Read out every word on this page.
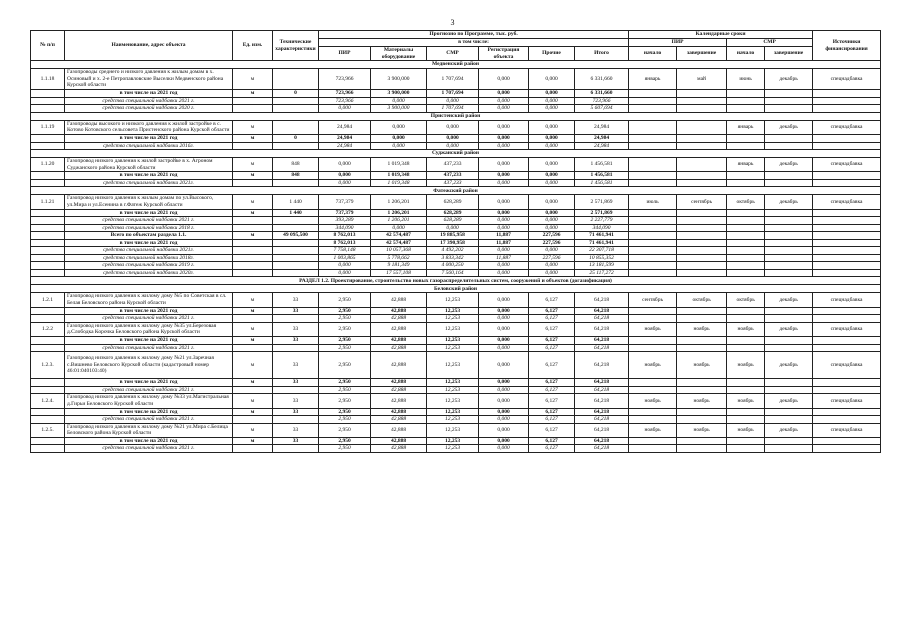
3
№ п/п	Наименование, адрес объекта	Ед. изм.	Технические характеристики	Прогнозно по Программе, тыс. руб.						Календарные сроки				Источники финансирования
				в том числе:						ПИР		СМР		
				ПИР	Материалы оборудование	СМР	Регистрация объекта	Прочие	Итого	начало	завершение	начало	завершение	
Медвенский район														
1.1.18	Газопроводы среднего и низкого давления к жилым домам в х. Осиновый и х. 2-е Петропавловские Выселки Медвенского района Курской области	м		723,966	3 900,000	1 707,694	0,000	0,000	6 331,660	январь	май	июнь	декабрь	спецнадбавка
	в том числе на 2021 год	м	0	723,966	3 900,000	1 707,694	0,000	0,000	6 331,660					
	средства специальной надбавки 2021 г.			723,966	0,000	0,000	0,000	0,000	723,966					
	средства специальной надбавки 2020 г.			0,000	3 900,000	1 707,694	0,000	0,000	5 607,694					
Пристенский район														
1.1.19	Газопроводы высокого и низкого давления к жилой застройке в с. Котово Котовского сельсовета Пристенского района Курской области	м		24,984	0,000	0,000	0,000	0,000	24,984			январь	декабрь	спецнадбавка
	в том числе на 2021 год	м	0	24,984	0,000	0,000	0,000	0,000	24,984					
	средства специальной надбавки 2016г.			24,984	0,000	0,000	0,000	0,000	24,984					
Суджанский район														
1.1.20	Газопровод низкого давления к жилой застройке в х. Агроном Суджанского района Курской области	м	848	0,000	1 019,348	437,233	0,000	0,000	1 456,581			январь	декабрь	спецнадбавка
	в том числе на 2021 год	м	848	0,000	1 019,348	437,233	0,000	0,000	1 456,581					
	средства специальной надбавки 2021г.			0,000	1 019,348	437,233	0,000	0,000	1 456,581					
Фатежский район														
1.1.21	Газопровод низкого давления к жилым домам по ул.Высокого, ул.Мира и ул.Есенина в г.Фатеж Курской области	м	1 440	737,379	1 206,201	628,289	0,000	0,000	2 571,869	июль	сентябрь	октябрь	декабрь	спецнадбавка
	в том числе на 2021 год	м	1 440	737,379	1 206,201	628,289	0,000	0,000	2 571,869					
	средства специальной надбавки 2021 г.			393,289	1 206,201	628,289	0,000	0,000	2 227,779					
	средства специальной надбавки 2018 г.			344,090	0,000	0,000	0,000	0,000	344,090					
	Всего по объектам раздела 1.1.	м	49 095,500	8 762,013	42 574,487	19 885,958	11,887	227,596	71 461,941					
	в том числе на 2021 год			8 762,013	42 574,487	17 390,958	11,887	227,596	71 461,941					
	средства специальной надбавки 2021г.			7 758,148	10 057,368	4 492,202	0,000	0,000	22 307,718					
	средства специальной надбавки 2018г.			1 003,865	5 778,662	3 833,342	11,887	227,596	10 855,352					
	средства специальной надбавки 2019 г.			0,000	9 181,349	4 000,250	0,000	0,000	13 181,599					
	средства специальной надбавки 2020г.			0,000	17 557,108	7 560,164	0,000	0,000	25 117,272					
РАЗДЕЛ 1.2. Проектирование, строительство новых газораспределительных систем, сооружений и объектов (догазификация)														
Беловский район														
1.2.1	Газопровод низкого давления к жилому дому №5 по Советская в сл. Белая Беловского района Курской области	м	33	2,950	42,888	12,253	0,000	6,127	64,218	сентябрь	октябрь	октябрь	декабрь	спецнадбавка
	в том числе на 2021 год	м	33	2,950	42,888	12,253	0,000	6,127	64,218					
	средства специальной надбавки 2021 г.			2,950	42,888	12,253	0,000	6,127	64,218					
1.2.2	Газопровод низкого давления к жилому дому №35 ул.Березовая д.Слободка Корочка Беловского района Курской области	м	33	2,950	42,888	12,253	0,000	6,127	64,218	ноябрь	ноябрь	ноябрь	декабрь	спецнадбавка
	в том числе на 2021 год	м	33	2,950	42,888	12,253	0,000	6,127	64,218					
	средства специальной надбавки 2021 г.			2,950	42,888	12,253	0,000	6,127	64,218					
1.2.3.	Газопровод низкого давления к жилому дому №21 ул.Заречная с.Вишнево Беловского Курской области (кадастровый номер 46:01:040103:40)	м	33	2,950	42,888	12,253	0,000	6,127	64,218	ноябрь	ноябрь	ноябрь	декабрь	спецнадбавка
	в том числе на 2021 год	м	33	2,950	42,888	12,253	0,000	6,127	64,218					
	средства специальной надбавки 2021 г.			2,950	42,888	12,253	0,000	6,127	64,218					
1.2.4.	Газопровод низкого давления к жилому дому №33 ул.Магистральная д.Гирьи Беловского Курской области	м	33	2,950	42,888	12,253	0,000	6,127	64,218	ноябрь	ноябрь	ноябрь	декабрь	спецнадбавка
	в том числе на 2021 год	м	33	2,950	42,888	12,253	0,000	6,127	64,218					
	средства специальной надбавки 2021 г.			2,950	42,888	12,253	0,000	6,127	64,218					
1.2.5.	Газопровод низкого давления к жилому дому №21 ул.Мира с.Белица Беловского района Курской области	м	33	2,950	42,888	12,253	0,000	6,127	64,218	ноябрь	ноябрь	ноябрь	декабрь	спецнадбавка
	в том числе на 2021 год	м	33	2,950	42,888	12,253	0,000	6,127	64,218					
	средства специальной надбавки 2021 г.			2,950	42,888	12,253	0,000	6,127	64,218					
